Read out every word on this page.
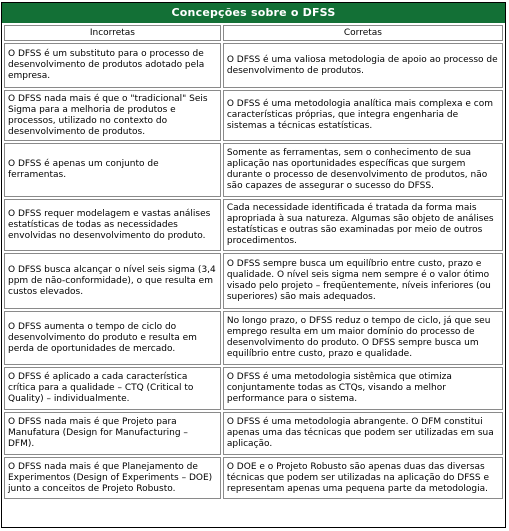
Concepções sobre o DFSS
Incorretas	Corretas
O DFSS é um substituto para o processo de desenvolvimento de produtos adotado pela empresa.	O DFSS é uma valiosa metodologia de apoio ao processo de desenvolvimento de produtos.
O DFSS nada mais é que o "tradicional" Seis Sigma para a melhoria de produtos e processos, utilizado no contexto do desenvolvimento de produtos.	O DFSS é uma metodologia analítica mais complexa e com características próprias, que integra engenharia de sistemas a técnicas estatísticas.
O DFSS é apenas um conjunto de ferramentas.	Somente as ferramentas, sem o conhecimento de sua aplicação nas oportunidades específicas que surgem durante o processo de desenvolvimento de produtos, não são capazes de assegurar o sucesso do DFSS.
O DFSS requer modelagem e vastas análises estatísticas de todas as necessidades envolvidas no desenvolvimento do produto.	Cada necessidade identificada é tratada da forma mais apropriada à sua natureza. Algumas são objeto de análises estatísticas e outras são examinadas por meio de outros procedimentos.
O DFSS busca alcançar o nível seis sigma (3,4 ppm de não-conformidade), o que resulta em custos elevados.	O DFSS sempre busca um equilíbrio entre custo, prazo e qualidade. O nível seis sigma nem sempre é o valor ótimo visado pelo projeto – freqüentemente, níveis inferiores (ou superiores) são mais adequados.
O DFSS aumenta o tempo de ciclo do desenvolvimento do produto e resulta em perda de oportunidades de mercado.	No longo prazo, o DFSS reduz o tempo de ciclo, já que seu emprego resulta em um maior domínio do processo de desenvolvimento do produto. O DFSS sempre busca um equilíbrio entre custo, prazo e qualidade.
O DFSS é aplicado a cada característica crítica para a qualidade – CTQ (Critical to Quality) – individualmente.	O DFSS é uma metodologia sistêmica que otimiza conjuntamente todas as CTQs, visando a melhor performance para o sistema.
O DFSS nada mais é que Projeto para Manufatura (Design for Manufacturing – DFM).	O DFSS é uma metodologia abrangente. O DFM constitui apenas uma das técnicas que podem ser utilizadas em sua aplicação.
O DFSS nada mais é que Planejamento de Experimentos (Design of Experiments – DOE) junto a conceitos de Projeto Robusto.	O DOE e o Projeto Robusto são apenas duas das diversas técnicas que podem ser utilizadas na aplicação do DFSS e representam apenas uma pequena parte da metodologia.
